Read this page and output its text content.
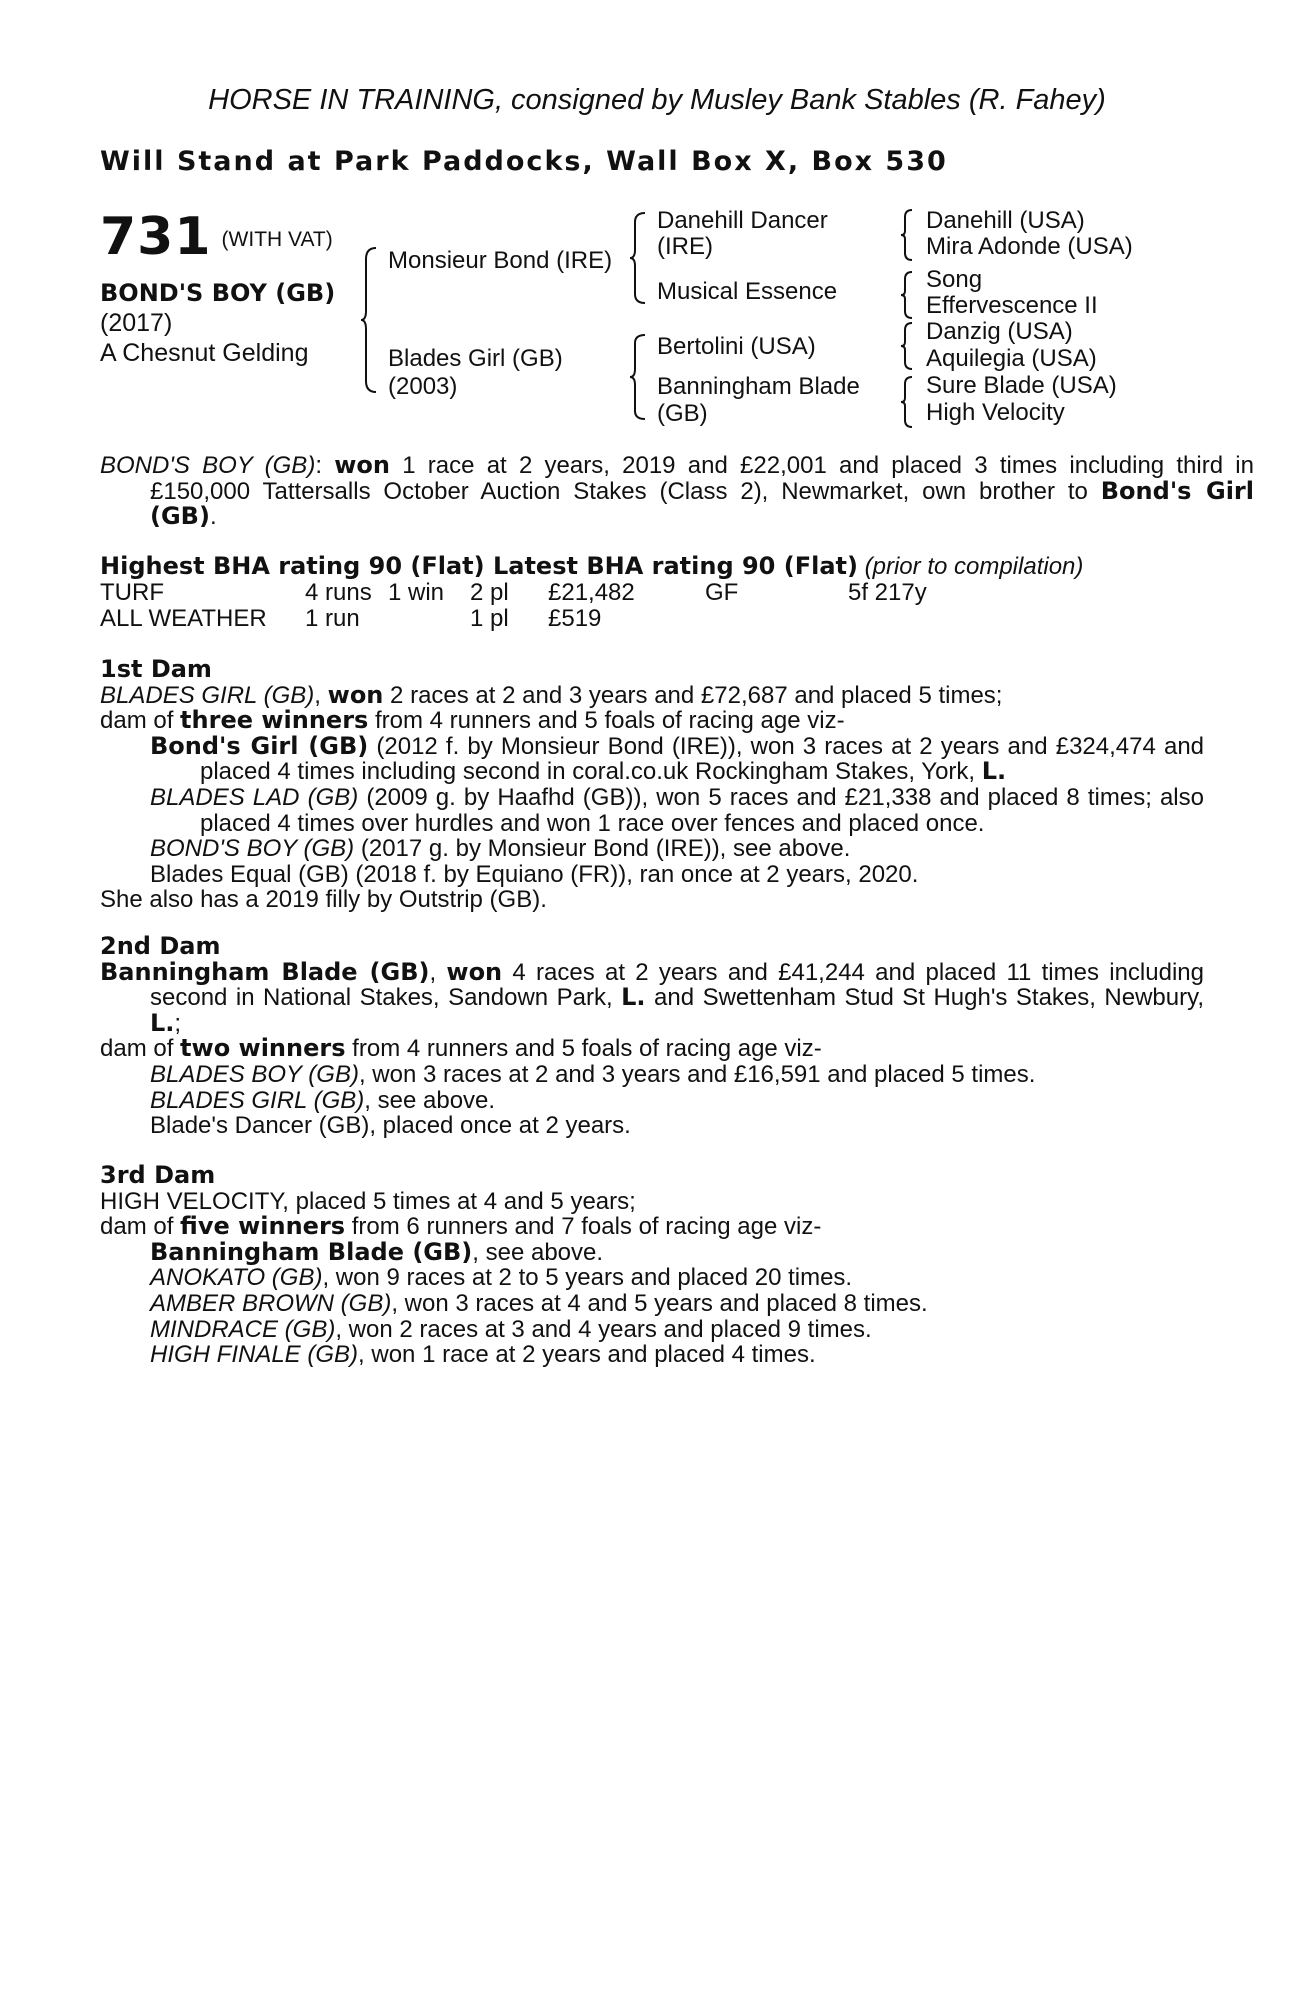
HORSE IN TRAINING, consigned by Musley Bank Stables (R. Fahey)
Will Stand at Park Paddocks, Wall Box X, Box 530
731 (WITH VAT)
BOND'S BOY (GB)
(2017)
A Chesnut Gelding
Monsieur Bond (IRE)
Blades Girl (GB)
(2003)
Danehill Dancer
(IRE)
Musical Essence
Bertolini (USA)
Banningham Blade
(GB)
Danehill (USA)
Mira Adonde (USA)
Song
Effervescence II
Danzig (USA)
Aquilegia (USA)
Sure Blade (USA)
High Velocity
BOND'S BOY (GB): won 1 race at 2 years, 2019 and £22,001 and placed 3 times including third in £150,000 Tattersalls October Auction Stakes (Class 2), Newmarket, own brother to Bond's Girl (GB).
Highest BHA rating 90 (Flat) Latest BHA rating 90 (Flat) (prior to compilation)
TURF	4 runs 1 win 2 pl £21,482	GF	5f 217y
ALL WEATHER 1 run	1 pl £519
1st Dam
BLADES GIRL (GB), won 2 races at 2 and 3 years and £72,687 and placed 5 times;
dam of three winners from 4 runners and 5 foals of racing age viz-
Bond's Girl (GB) (2012 f. by Monsieur Bond (IRE)), won 3 races at 2 years and £324,474 and placed 4 times including second in coral.co.uk Rockingham Stakes, York, L.
BLADES LAD (GB) (2009 g. by Haafhd (GB)), won 5 races and £21,338 and placed 8 times; also placed 4 times over hurdles and won 1 race over fences and placed once.
BOND'S BOY (GB) (2017 g. by Monsieur Bond (IRE)), see above.
Blades Equal (GB) (2018 f. by Equiano (FR)), ran once at 2 years, 2020.
She also has a 2019 filly by Outstrip (GB).
2nd Dam
Banningham Blade (GB), won 4 races at 2 years and £41,244 and placed 11 times including second in National Stakes, Sandown Park, L. and Swettenham Stud St Hugh's Stakes, Newbury, L.;
dam of two winners from 4 runners and 5 foals of racing age viz-
BLADES BOY (GB), won 3 races at 2 and 3 years and £16,591 and placed 5 times.
BLADES GIRL (GB), see above.
Blade's Dancer (GB), placed once at 2 years.
3rd Dam
HIGH VELOCITY, placed 5 times at 4 and 5 years;
dam of five winners from 6 runners and 7 foals of racing age viz-
Banningham Blade (GB), see above.
ANOKATO (GB), won 9 races at 2 to 5 years and placed 20 times.
AMBER BROWN (GB), won 3 races at 4 and 5 years and placed 8 times.
MINDRACE (GB), won 2 races at 3 and 4 years and placed 9 times.
HIGH FINALE (GB), won 1 race at 2 years and placed 4 times.
